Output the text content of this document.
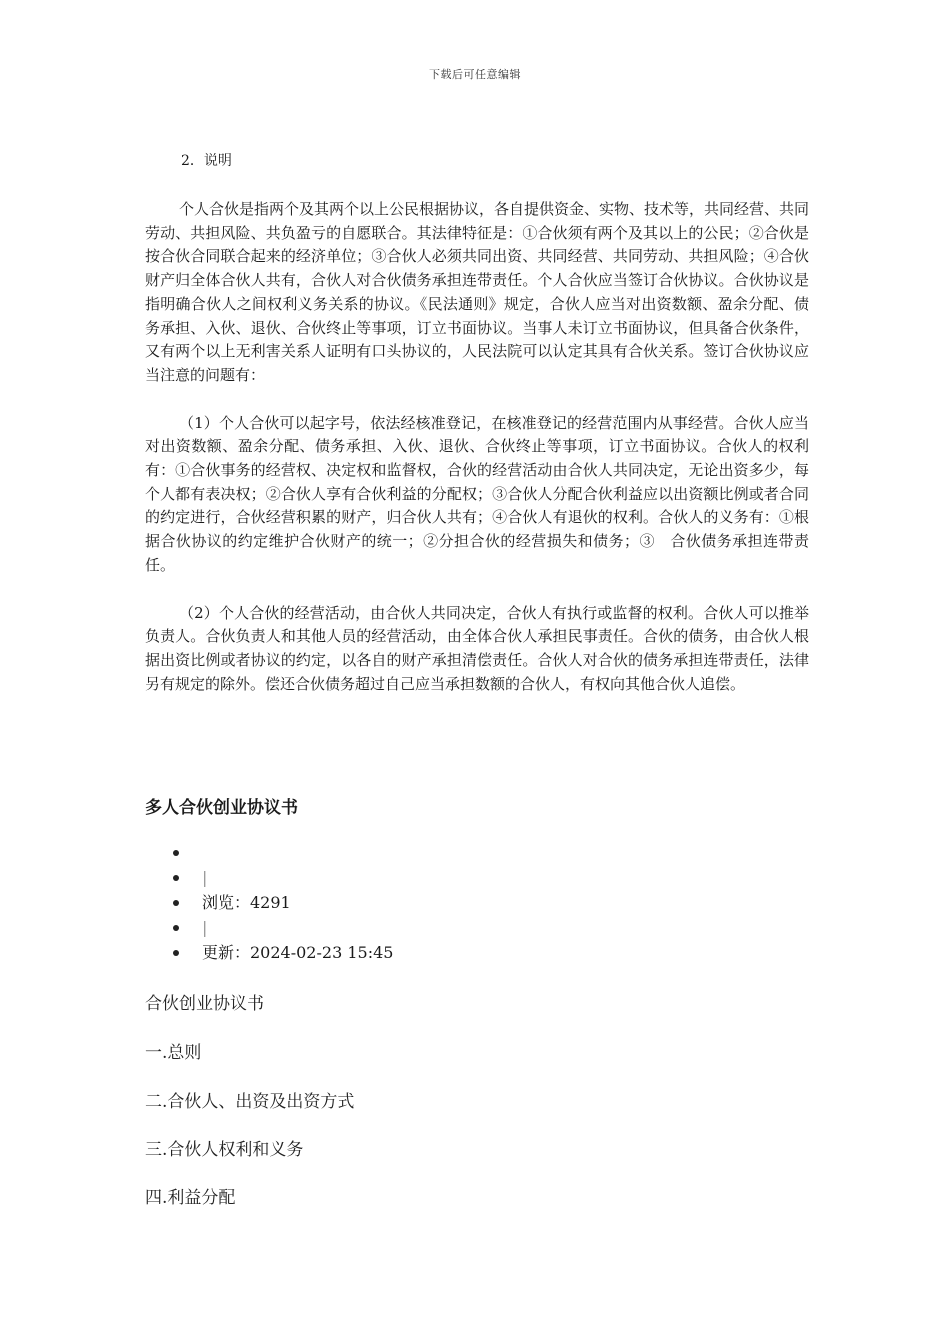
下载后可任意编辑

2．说明

个人合伙是指两个及其两个以上公民根据协议，各自提供资金、实物、技术等，共同经营、共同劳动、共担风险、共负盈亏的自愿联合。其法律特征是：①合伙须有两个及其以上的公民；②合伙是按合伙合同联合起来的经济单位；③合伙人必须共同出资、共同经营、共同劳动、共担风险；④合伙财产归全体合伙人共有，合伙人对合伙债务承担连带责任。个人合伙应当签订合伙协议。合伙协议是指明确合伙人之间权利义务关系的协议。《民法通则》规定，合伙人应当对出资数额、盈余分配、债务承担、入伙、退伙、合伙终止等事项，订立书面协议。当事人未订立书面协议，但具备合伙条件，又有两个以上无利害关系人证明有口头协议的，人民法院可以认定其具有合伙关系。签订合伙协议应当注意的问题有：

（1）个人合伙可以起字号，依法经核准登记，在核准登记的经营范围内从事经营。合伙人应当对出资数额、盈余分配、债务承担、入伙、退伙、合伙终止等事项，订立书面协议。合伙人的权利有：①合伙事务的经营权、决定权和监督权，合伙的经营活动由合伙人共同决定，无论出资多少，每个人都有表决权；②合伙人享有合伙利益的分配权；③合伙人分配合伙利益应以出资额比例或者合同的约定进行，合伙经营积累的财产，归合伙人共有；④合伙人有退伙的权利。合伙人的义务有：①根据合伙协议的约定维护合伙财产的统一；②分担合伙的经营损失和债务；③　合伙债务承担连带责任。

（2）个人合伙的经营活动，由合伙人共同决定，合伙人有执行或监督的权利。合伙人可以推举负责人。合伙负责人和其他人员的经营活动，由全体合伙人承担民事责任。合伙的债务，由合伙人根据出资比例或者协议的约定，以各自的财产承担清偿责任。合伙人对合伙的债务承担连带责任，法律另有规定的除外。偿还合伙债务超过自己应当承担数额的合伙人，有权向其他合伙人追偿。

多人合伙创业协议书
|
浏览：4291
|
更新：2024-02-23 15:45

合伙创业协议书

一.总则

二.合伙人、出资及出资方式

三.合伙人权利和义务

四.利益分配
